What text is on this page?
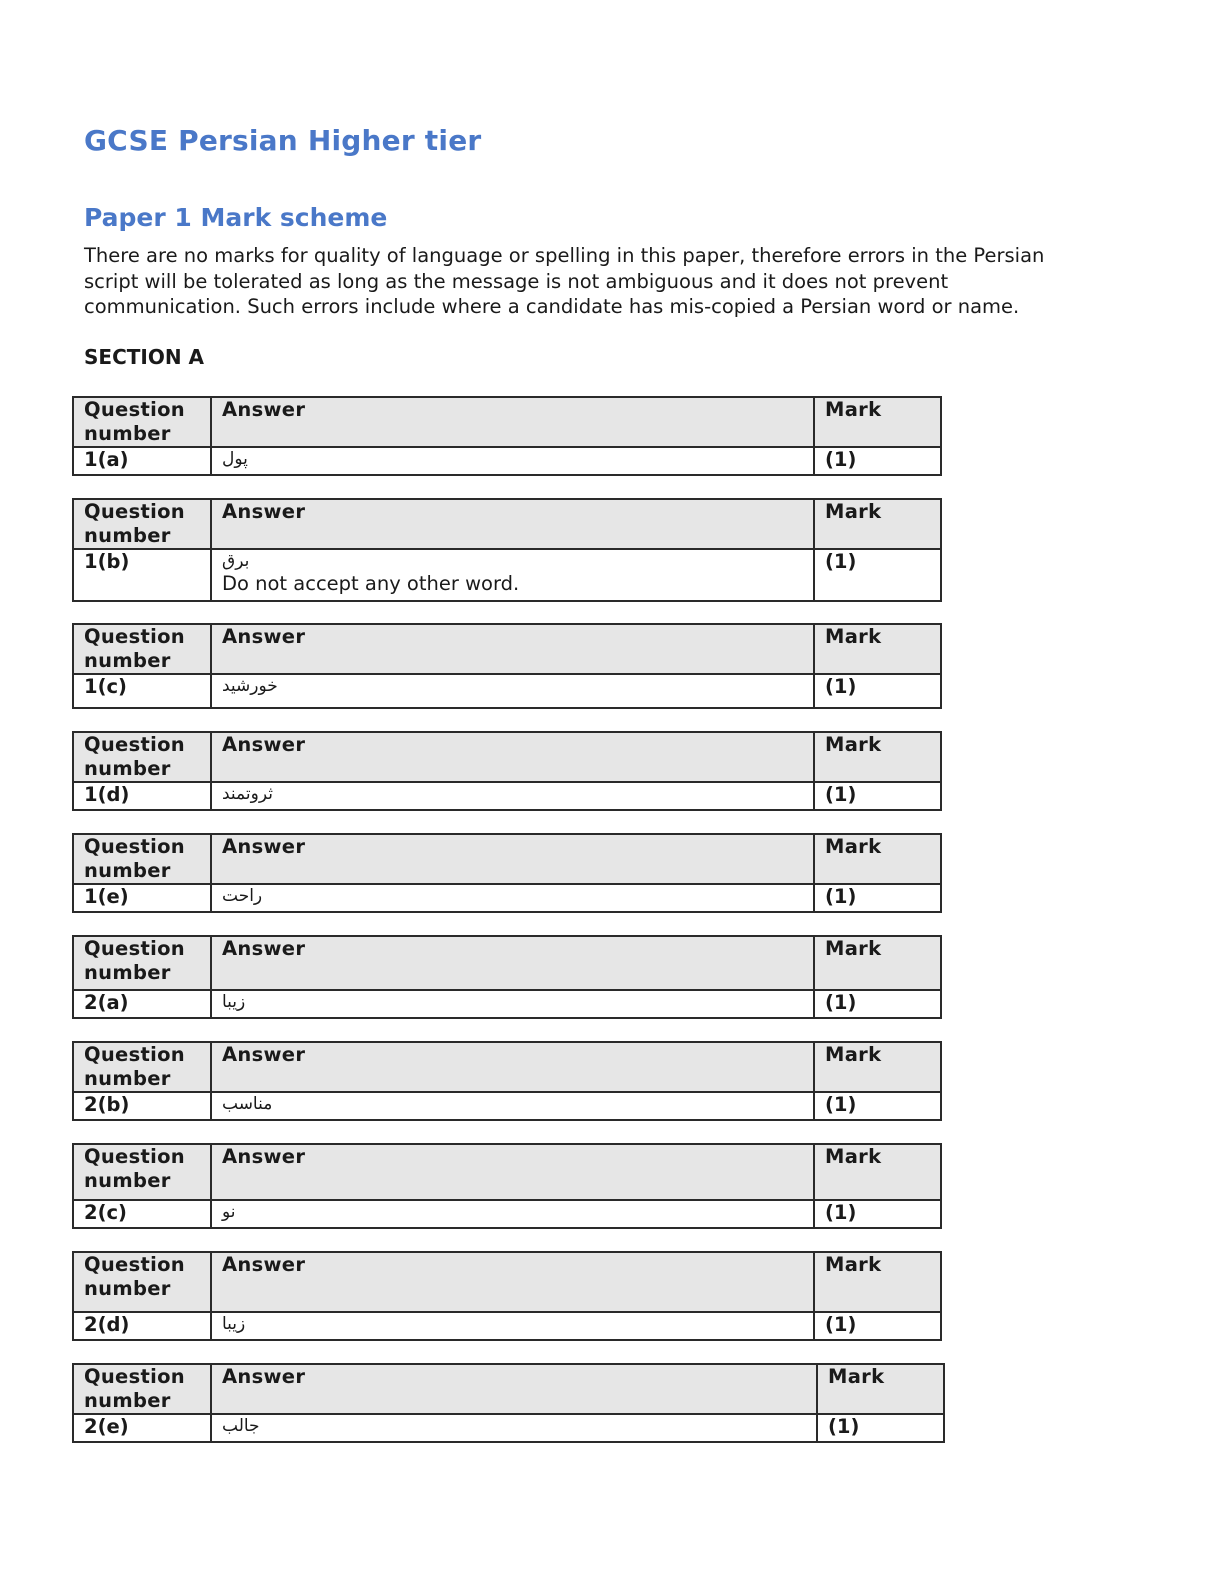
GCSE Persian Higher tier
Paper 1 Mark scheme

There are no marks for quality of language or spelling in this paper, therefore errors in the Persian script will be tolerated as long as the message is not ambiguous and it does not prevent communication. Such errors include where a candidate has mis-copied a Persian word or name.

SECTION A
Question
number	Answer	Mark
1(a)	پول	(1)
Question
number	Answer	Mark
1(b)	برق
Do not accept any other word.	(1)
Question
number	Answer	Mark
1(c)	خورشید	(1)
Question
number	Answer	Mark
1(d)	ثروتمند	(1)
Question
number	Answer	Mark
1(e)	راحت	(1)
Question
number	Answer	Mark
2(a)	زیبا	(1)
Question
number	Answer	Mark
2(b)	مناسب	(1)
Question
number	Answer	Mark
2(c)	نو	(1)
Question
number	Answer	Mark
2(d)	زیبا	(1)
Question
number	Answer	Mark
2(e)	جالب	(1)
